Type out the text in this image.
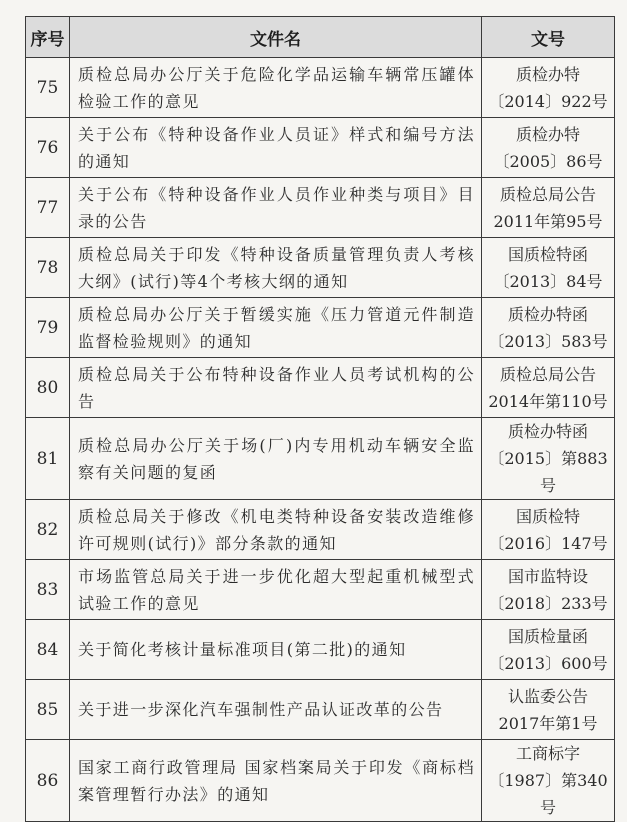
序号	文件名	文号
75	质检总局办公厅关于危险化学品运输车辆常压罐体检验工作的意见	质检办特
〔2014〕922号
76	关于公布《特种设备作业人员证》样式和编号方法的通知	质检办特
〔2005〕86号
77	关于公布《特种设备作业人员作业种类与项目》目录的公告	质检总局公告
2011年第95号
78	质检总局关于印发《特种设备质量管理负责人考核大纲》(试行)等4个考核大纲的通知	国质检特函
〔2013〕84号
79	质检总局办公厅关于暂缓实施《压力管道元件制造监督检验规则》的通知	质检办特函
〔2013〕583号
80	质检总局关于公布特种设备作业人员考试机构的公告	质检总局公告
2014年第110号
81	质检总局办公厅关于场(厂)内专用机动车辆安全监察有关问题的复函	质检办特函
〔2015〕第883号
82	质检总局关于修改《机电类特种设备安装改造维修许可规则(试行)》部分条款的通知	国质检特
〔2016〕147号
83	市场监管总局关于进一步优化超大型起重机械型式试验工作的意见	国市监特设
〔2018〕233号
84	关于简化考核计量标准项目(第二批)的通知	国质检量函
〔2013〕600号
85	关于进一步深化汽车强制性产品认证改革的公告	认监委公告
2017年第1号
86	国家工商行政管理局 国家档案局关于印发《商标档案管理暂行办法》的通知	工商标字
〔1987〕第340号
